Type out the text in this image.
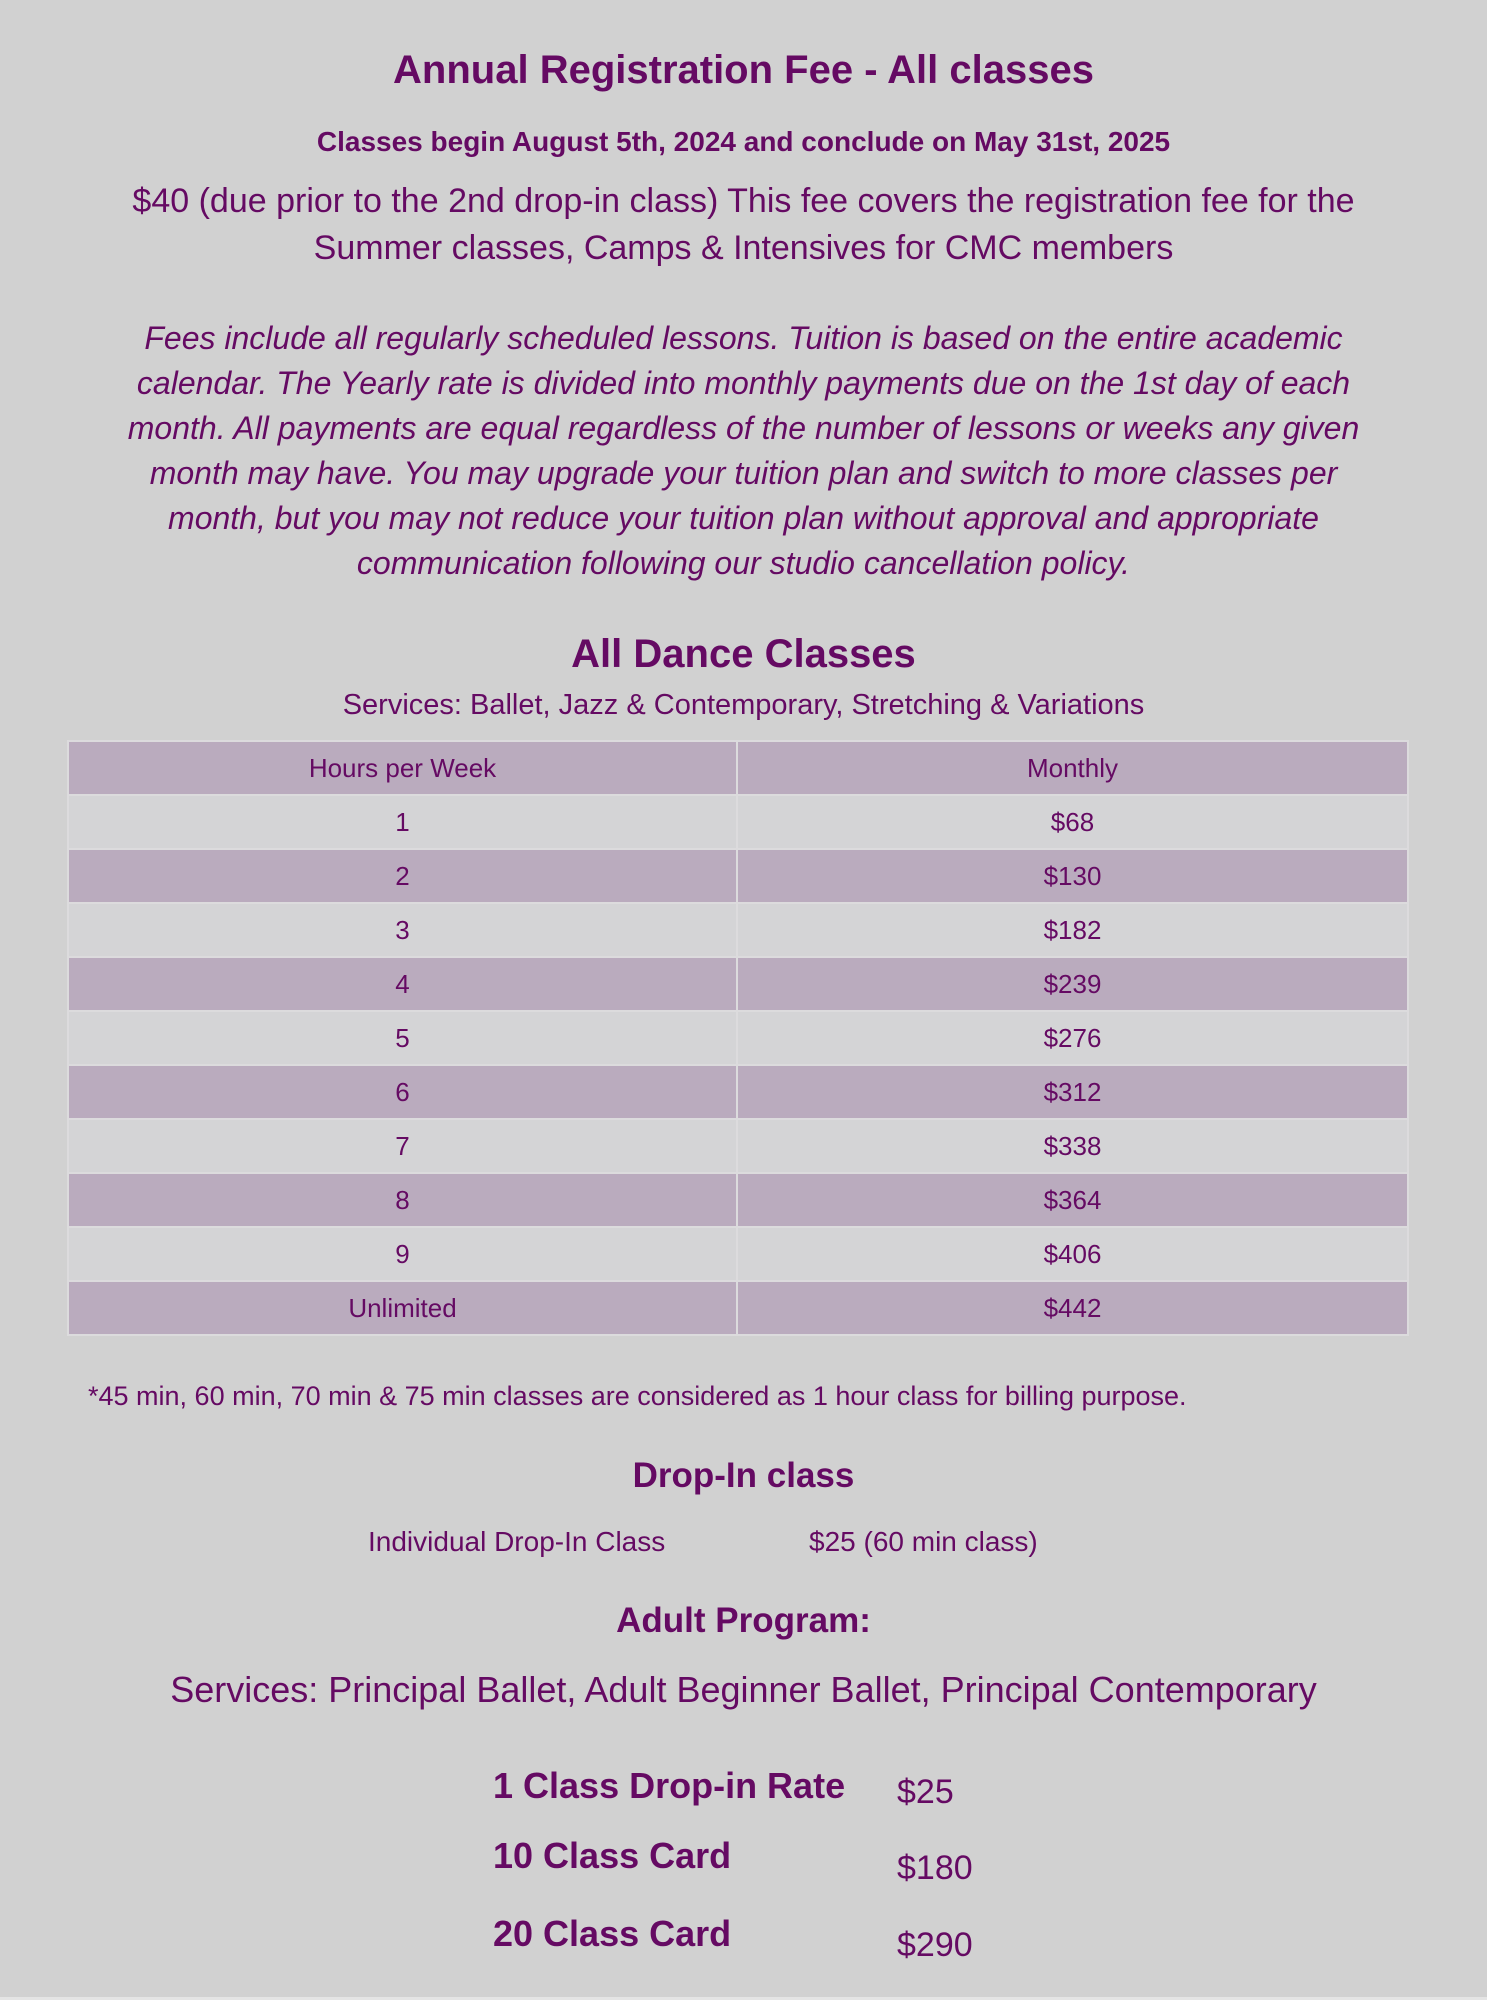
Annual Registration Fee - All classes
Classes begin August 5th, 2024 and conclude on May 31st, 2025
$40 (due prior to the 2nd drop-in class) This fee covers the registration fee for the
Summer classes, Camps & Intensives for CMC members
Fees include all regularly scheduled lessons. Tuition is based on the entire academic
calendar. The Yearly rate is divided into monthly payments due on the 1st day of each
month. All payments are equal regardless of the number of lessons or weeks any given
month may have. You may upgrade your tuition plan and switch to more classes per
month, but you may not reduce your tuition plan without approval and appropriate
communication following our studio cancellation policy.
All Dance Classes
Services: Ballet, Jazz & Contemporary, Stretching & Variations
Hours per Week	Monthly
1	$68
2	$130
3	$182
4	$239
5	$276
6	$312
7	$338
8	$364
9	$406
Unlimited	$442
*45 min, 60 min, 70 min & 75 min classes are considered as 1 hour class for billing purpose.
Drop-In class
Individual Drop-In Class	$25 (60 min class)
Adult Program:
Services: Principal Ballet, Adult Beginner Ballet, Principal Contemporary
1 Class Drop-in Rate $25
10 Class Card	$180
20 Class Card	$290
